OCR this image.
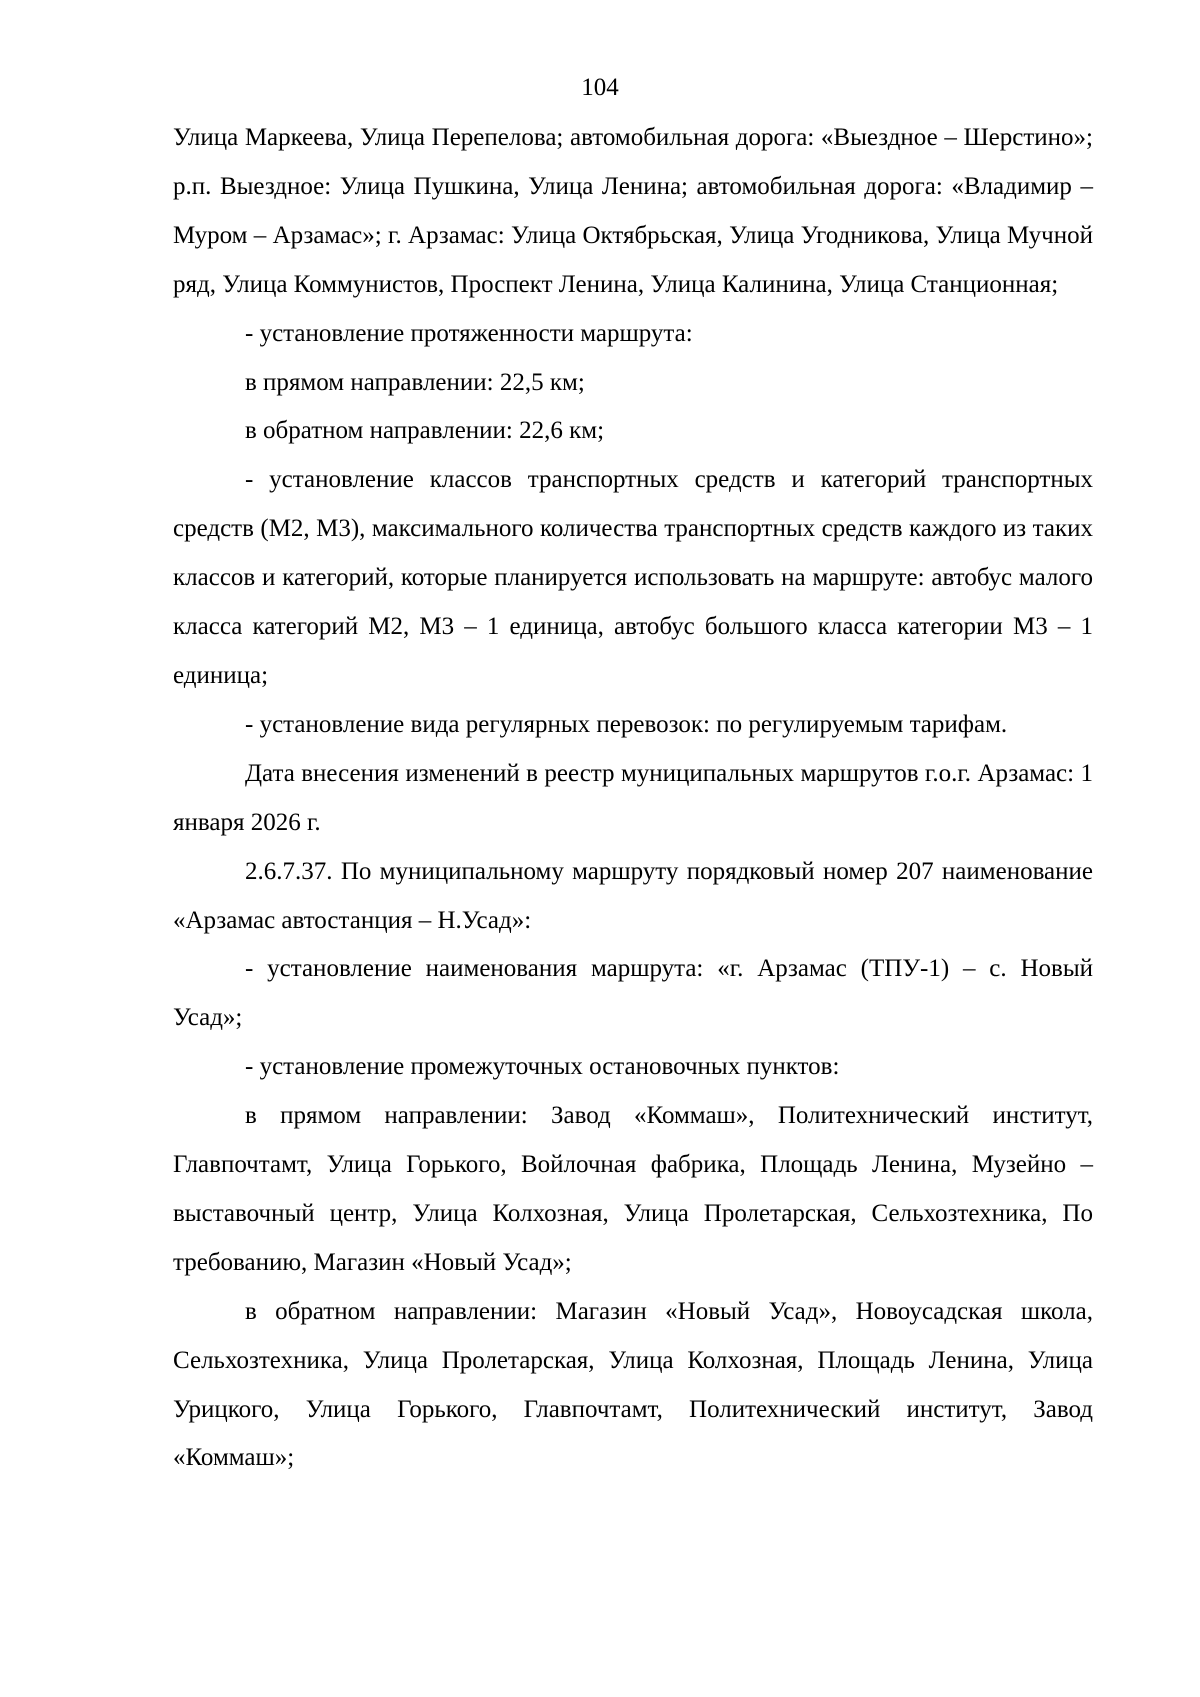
104

Улица Маркеева, Улица Перепелова; автомобильная дорога: «Выездное – Шерстино»; р.п. Выездное: Улица Пушкина, Улица Ленина; автомобильная дорога: «Владимир – Муром – Арзамас»; г. Арзамас: Улица Октябрьская, Улица Угодникова, Улица Мучной ряд, Улица Коммунистов, Проспект Ленина, Улица Калинина, Улица Станционная;

- установление протяженности маршрута:

в прямом направлении: 22,5 км;

в обратном направлении: 22,6 км;

- установление классов транспортных средств и категорий транспортных средств (М2, М3), максимального количества транспортных средств каждого из таких классов и категорий, которые планируется использовать на маршруте: автобус малого класса категорий М2, М3 – 1 единица, автобус большого класса категории М3 – 1 единица;

- установление вида регулярных перевозок: по регулируемым тарифам.

Дата внесения изменений в реестр муниципальных маршрутов г.о.г. Арзамас: 1 января 2026 г.

2.6.7.37. По муниципальному маршруту порядковый номер 207 наименование «Арзамас автостанция – Н.Усад»:

- установление наименования маршрута: «г. Арзамас (ТПУ-1) – с. Новый Усад»;

- установление промежуточных остановочных пунктов:

в прямом направлении: Завод «Коммаш», Политехнический институт, Главпочтамт, Улица Горького, Войлочная фабрика, Площадь Ленина, Музейно – выставочный центр, Улица Колхозная, Улица Пролетарская, Сельхозтехника, По требованию, Магазин «Новый Усад»;

в обратном направлении: Магазин «Новый Усад», Новоусадская школа, Сельхозтехника, Улица Пролетарская, Улица Колхозная, Площадь Ленина, Улица Урицкого, Улица Горького, Главпочтамт, Политехнический институт, Завод «Коммаш»;
